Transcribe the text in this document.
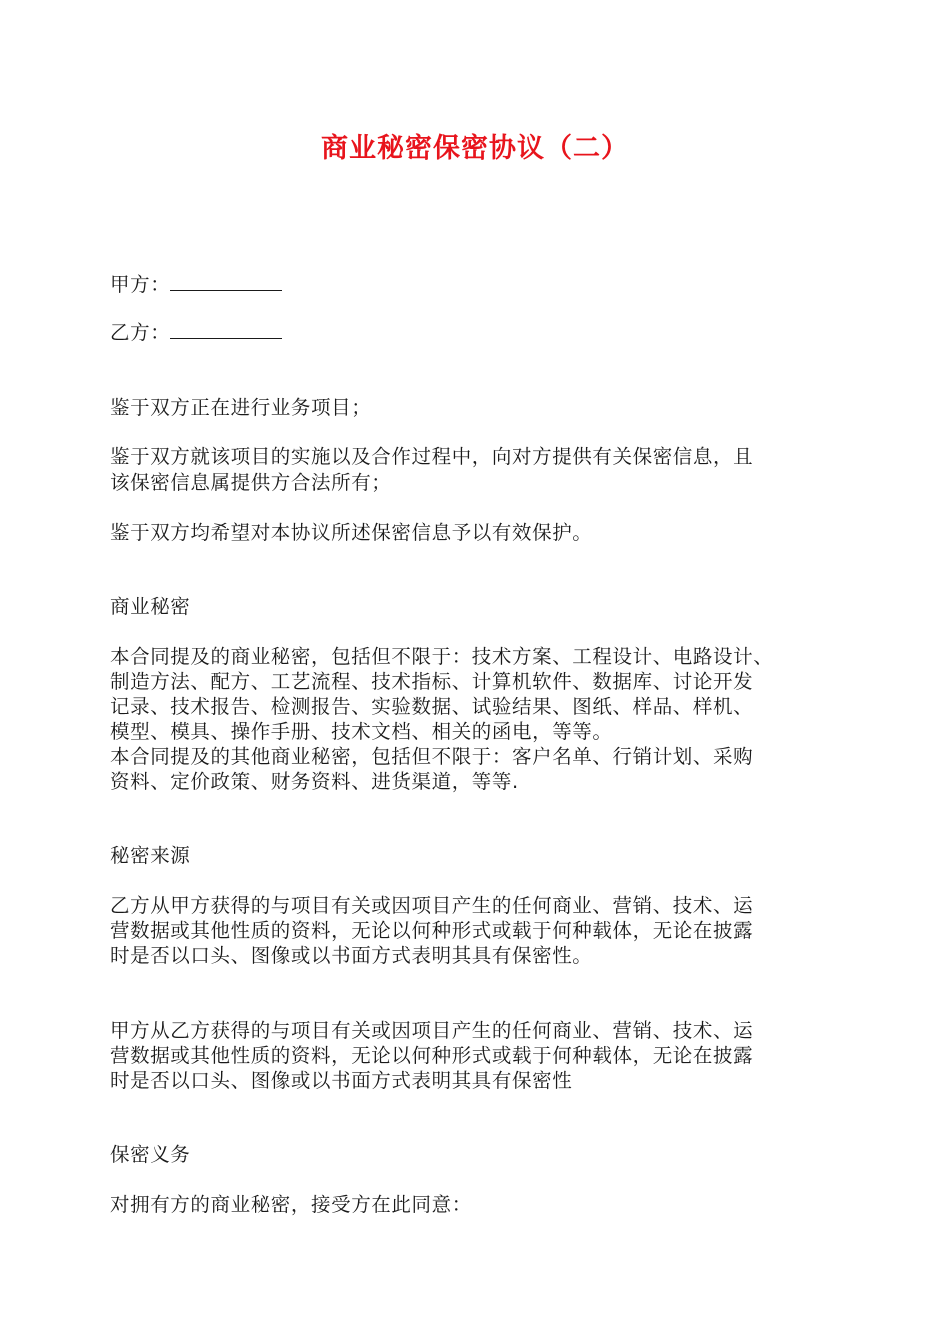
商业秘密保密协议（二）

甲方：

乙方：

鉴于双方正在进行业务项目；

鉴于双方就该项目的实施以及合作过程中，向对方提供有关保密信息，且

该保密信息属提供方合法所有；

鉴于双方均希望对本协议所述保密信息予以有效保护。

商业秘密

本合同提及的商业秘密，包括但不限于：技术方案、工程设计、电路设计、

制造方法、配方、工艺流程、技术指标、计算机软件、数据库、讨论开发

记录、技术报告、检测报告、实验数据、试验结果、图纸、样品、样机、

模型、模具、操作手册、技术文档、相关的函电，等等。

本合同提及的其他商业秘密，包括但不限于：客户名单、行销计划、采购

资料、定价政策、财务资料、进货渠道，等等.

秘密来源

乙方从甲方获得的与项目有关或因项目产生的任何商业、营销、技术、运

营数据或其他性质的资料，无论以何种形式或载于何种载体，无论在披露

时是否以口头、图像或以书面方式表明其具有保密性。

甲方从乙方获得的与项目有关或因项目产生的任何商业、营销、技术、运

营数据或其他性质的资料，无论以何种形式或载于何种载体，无论在披露

时是否以口头、图像或以书面方式表明其具有保密性

保密义务

对拥有方的商业秘密，接受方在此同意：
